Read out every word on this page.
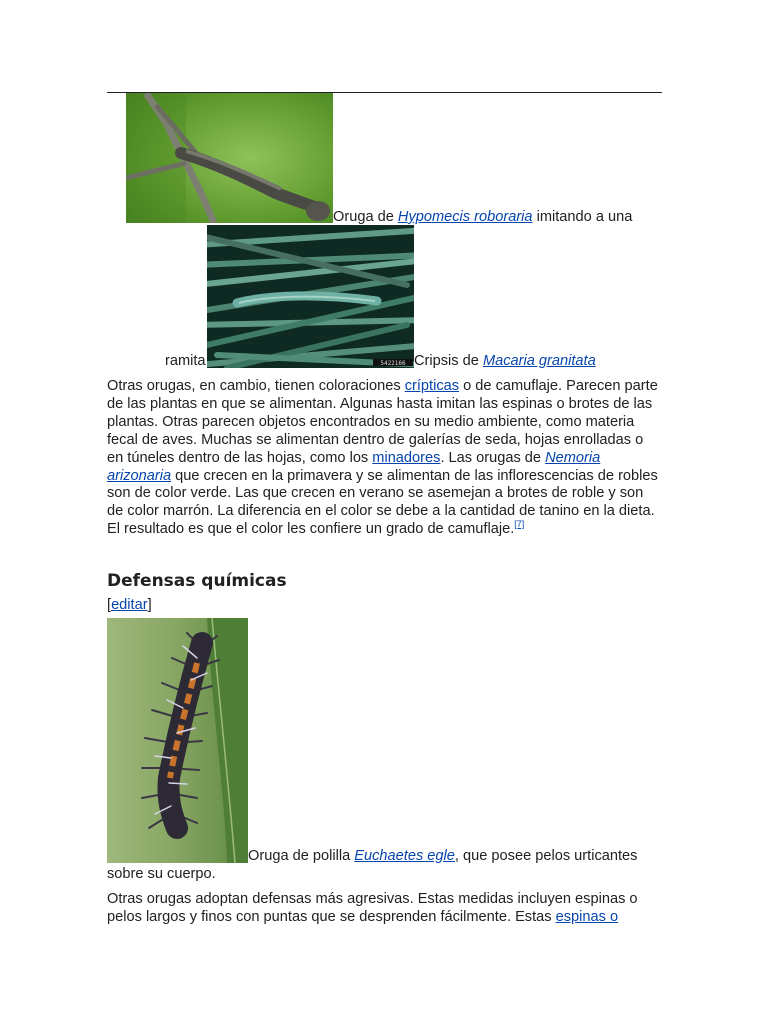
Oruga de Hypomecis roboraria imitando a una
ramita	5422166 Cripsis de Macaria granitata

Otras orugas, en cambio, tienen coloraciones crípticas o de camuflaje. Parecen parte de las plantas en que se alimentan. Algunas hasta imitan las espinas o brotes de las plantas. Otras parecen objetos encontrados en su medio ambiente, como materia fecal de aves. Muchas se alimentan dentro de galerías de seda, hojas enrolladas o en túneles dentro de las hojas, como los minadores. Las orugas de Nemoria arizonaria que crecen en la primavera y se alimentan de las inflorescencias de robles son de color verde. Las que crecen en verano se asemejan a brotes de roble y son de color marrón. La diferencia en el color se debe a la cantidad de tanino en la dieta. El resultado es que el color les confiere un grado de camuflaje.[7]

Defensas químicas
[editar]
Oruga de polilla Euchaetes egle, que posee pelos urticantes
sobre su cuerpo.

Otras orugas adoptan defensas más agresivas. Estas medidas incluyen espinas o pelos largos y finos con puntas que se desprenden fácilmente. Estas espinas o
